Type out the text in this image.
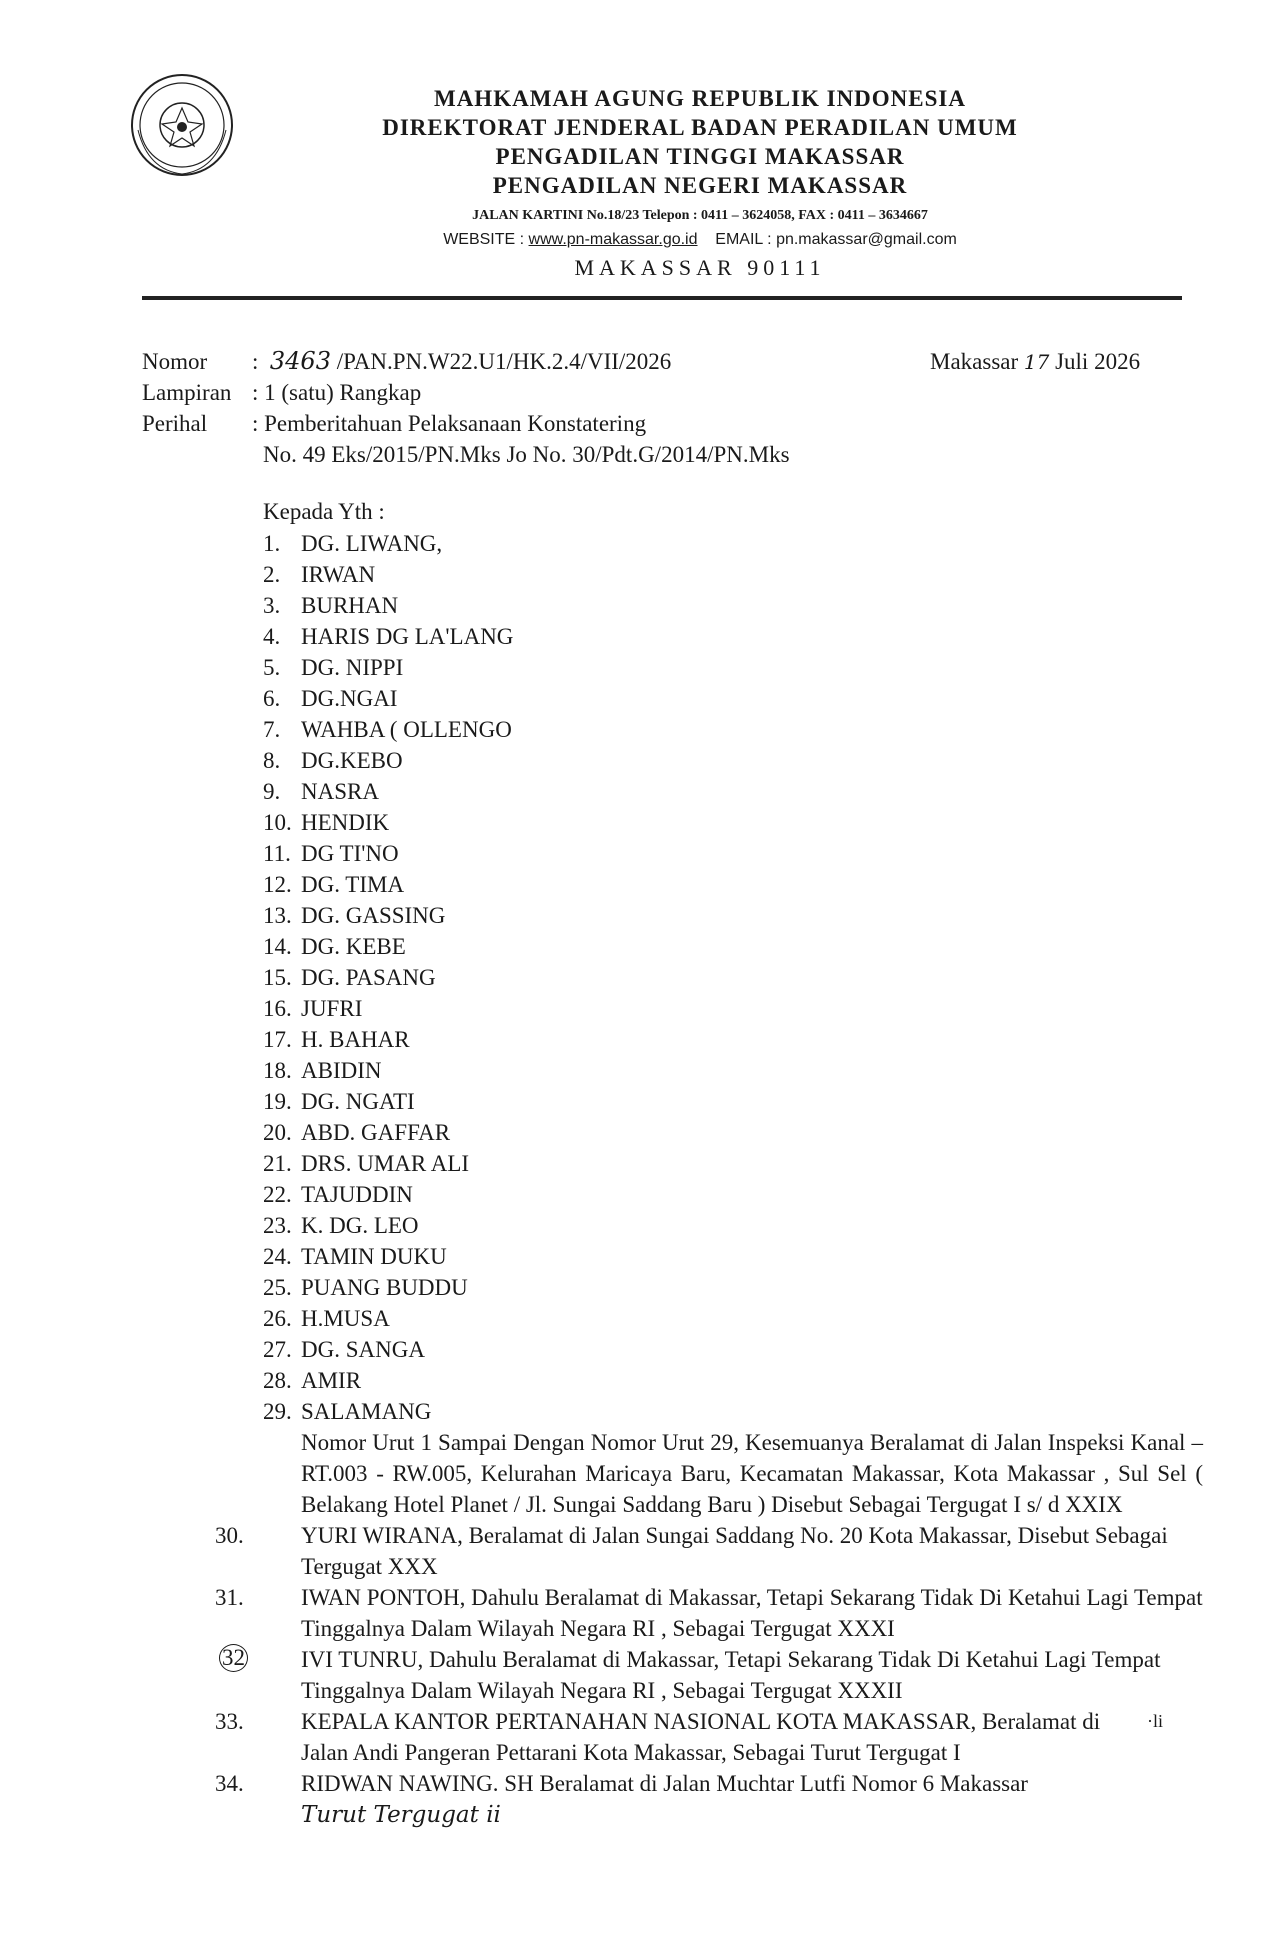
MAHKAMAH AGUNG REPUBLIK INDONESIA
DIREKTORAT JENDERAL BADAN PERADILAN UMUM
PENGADILAN TINGGI MAKASSAR
PENGADILAN NEGERI MAKASSAR
JALAN KARTINI No.18/23 Telepon : 0411 – 3624058, FAX : 0411 – 3634667
WEBSITE : www.pn-makassar.go.id EMAIL : pn.makassar@gmail.com
MAKASSAR 90111
Nomor : 3463 /PAN.PN.W22.U1/HK.2.4/VII/2026	Makassar 17 Juli 2026
Lampiran : 1 (satu) Rangkap
Perihal : Pemberitahuan Pelaksanaan Konstatering
No. 49 Eks/2015/PN.Mks Jo No. 30/Pdt.G/2014/PN.Mks
Kepada Yth :
1. DG. LIWANG,
2. IRWAN
3. BURHAN
4. HARIS DG LA'LANG
5. DG. NIPPI
6. DG.NGAI
7. WAHBA ( OLLENGO
8. DG.KEBO
9. NASRA
10. HENDIK
11. DG TI'NO
12. DG. TIMA
13. DG. GASSING
14. DG. KEBE
15. DG. PASANG
16. JUFRI
17. H. BAHAR
18. ABIDIN
19. DG. NGATI
20. ABD. GAFFAR
21. DRS. UMAR ALI
22. TAJUDDIN
23. K. DG. LEO
24. TAMIN DUKU
25. PUANG BUDDU
26. H.MUSA
27. DG. SANGA
28. AMIR
29. SALAMANG
Nomor Urut 1 Sampai Dengan Nomor Urut 29, Kesemuanya Beralamat di Jalan Inspeksi Kanal –RT.003 - RW.005, Kelurahan Maricaya Baru, Kecamatan Makassar, Kota Makassar , Sul Sel ( Belakang Hotel Planet / Jl. Sungai Saddang Baru ) Disebut Sebagai Tergugat I s/ d XXIX
30. YURI WIRANA, Beralamat di Jalan Sungai Saddang No. 20 Kota Makassar, Disebut Sebagai Tergugat XXX
31. IWAN PONTOH, Dahulu Beralamat di Makassar, Tetapi Sekarang Tidak Di Ketahui Lagi Tempat Tinggalnya Dalam Wilayah Negara RI , Sebagai Tergugat XXXI
32 IVI TUNRU, Dahulu Beralamat di Makassar, Tetapi Sekarang Tidak Di Ketahui Lagi Tempat Tinggalnya Dalam Wilayah Negara RI , Sebagai Tergugat XXXII
33. KEPALA KANTOR PERTANAHAN NASIONAL KOTA MAKASSAR, Beralamat di Jalan Andi Pangeran Pettarani Kota Makassar, Sebagai Turut Tergugat I
·li
34. RIDWAN NAWING. SH Beralamat di Jalan Muchtar Lutfi Nomor 6 Makassar
Turut Tergugat ii
